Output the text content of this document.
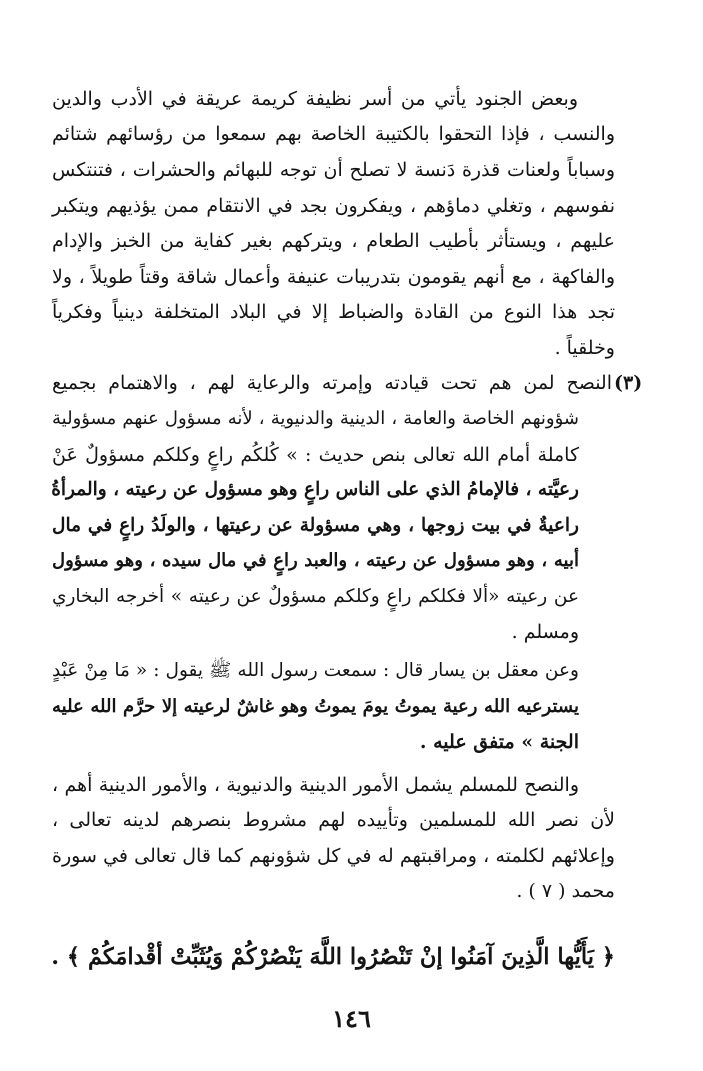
وبعض الجنود يأتي من أسر نظيفة كريمة عريقة في الأدب والدين
والنسب ، فإذا التحقوا بالكتيبة الخاصة بهم سمعوا من رؤسائهم شتائم
وسباباً ولعنات قذرة دَنسة لا تصلح أن توجه للبهائم والحشرات ، فتنتكس
نفوسهم ، وتغلي دماؤهم ، ويفكرون بجد في الانتقام ممن يؤذيهم ويتكبر
عليهم ، ويستأثر بأطيب الطعام ، ويتركهم بغير كفاية من الخبز والإدام
والفاكهة ، مع أنهم يقومون بتدريبات عنيفة وأعمال شاقة وقتاً طويلاً ، ولا
تجد هذا النوع من القادة والضباط إلا في البلاد المتخلفة دينياً وفكرياً
وخلقياً .
(٣)
النصح لمن هم تحت قيادته وإمرته والرعاية لهم ، والاهتمام بجميع
شؤونهم الخاصة والعامة ، الدينية والدنيوية ، لأنه مسؤول عنهم مسؤولية
كاملة أمام الله تعالى بنص حديث : » كُلكُم راعٍ وكلكم مسؤولٌ عَنْ
رعيَّته ، فالإمامُ الذي على الناس راعٍ وهو مسؤول عن رعيته ، والمرأةُ
راعيةٌ في بيت زوجها ، وهي مسؤولة عن رعيتها ، والولَدُ راعٍ في مال
أبيه ، وهو مسؤول عن رعيته ، والعبد راعٍ في مال سيده ، وهو مسؤول
عن رعيته «ألا فكلكم راعٍ وكلكم مسؤولٌ عن رعيته » أخرجه البخاري
ومسلم .
وعن معقل بن يسار قال : سمعت رسول الله ﷺ يقول : « مَا مِنْ عَبْدٍ
يسترعيه الله رعية يموتُ يومَ يموتُ وهو غاشٌ لرعيته إلا حرَّم الله عليه
الجنة » متفق عليه .
والنصح للمسلم يشمل الأمور الدينية والدنيوية ، والأمور الدينية أهم ،
لأن نصر الله للمسلمين وتأييده لهم مشروط بنصرهم لدينه تعالى ،
وإعلائهم لكلمته ، ومراقبتهم له في كل شؤونهم كما قال تعالى في سورة
محمد ( ٧ ) .
﴿ يَأَيُّها الَّذِينَ آمَنُوا إنْ تَنْصُرُوا اللَّهَ يَنْصُرْكُمْ وَيُثَبِّتْ أقْدامَكُمْ ﴾ .
١٤٦
